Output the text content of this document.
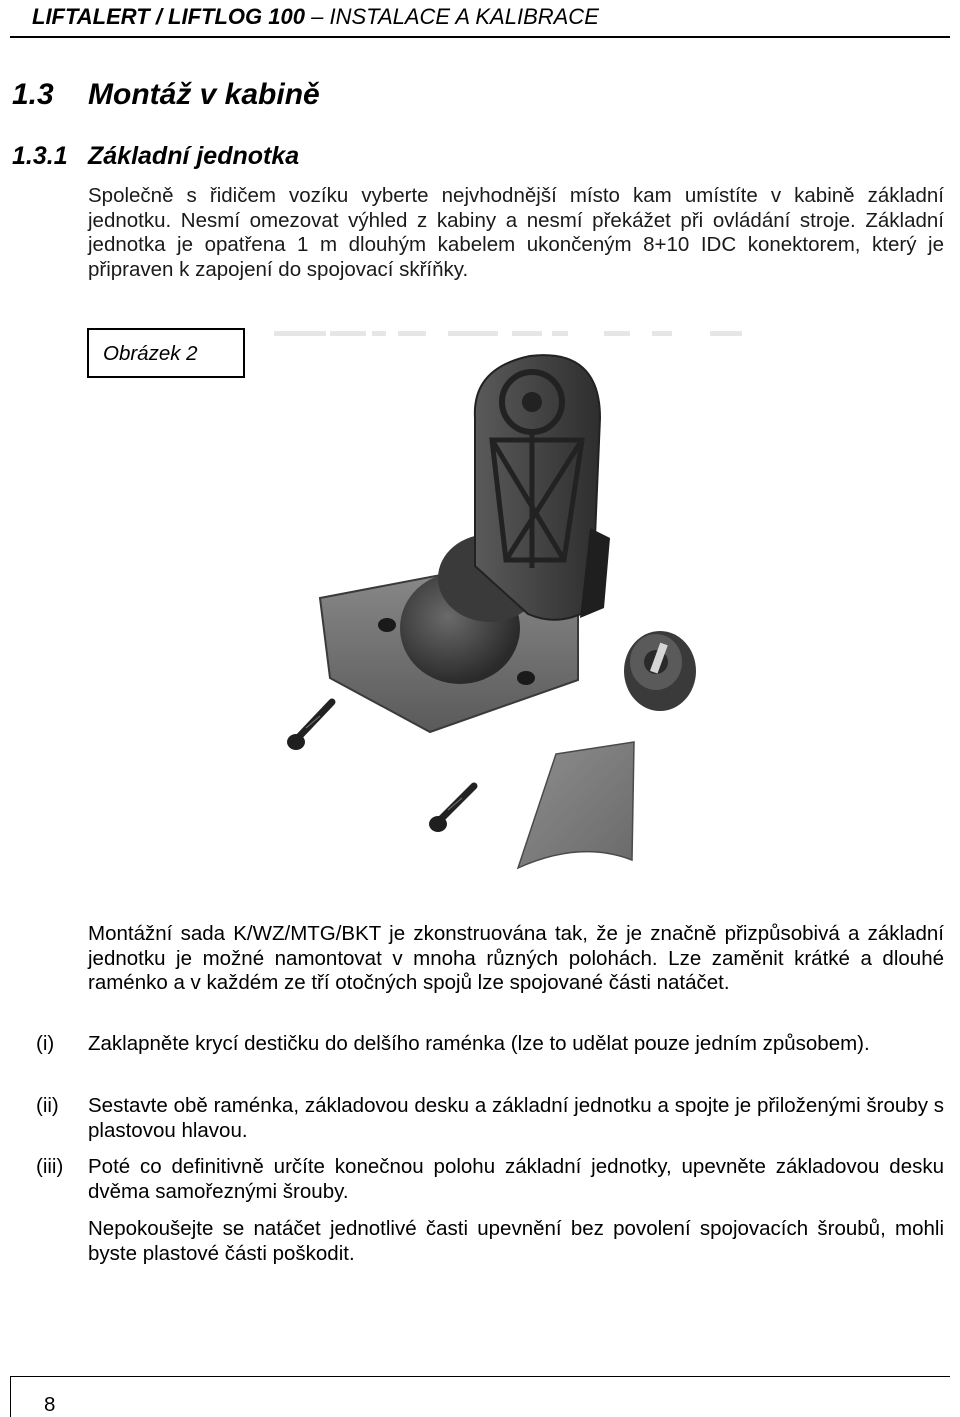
LIFTALERT / LIFTLOG 100 – INSTALACE A KALIBRACE
1.3 Montáž v kabině
1.3.1 Základní jednotka

Společně s řidičem vozíku vyberte nejvhodnější místo kam umístíte v kabině základní jednotku. Nesmí omezovat výhled z kabiny a nesmí překážet při ovládání stroje. Základní jednotka je opatřena 1 m dlouhým kabelem ukončeným 8+10 IDC konektorem, který je připraven k zapojení do spojovací skříňky.

Obrázek 2

Montážní sada K/WZ/MTG/BKT je zkonstruována tak, že je značně přizpůsobivá a základní jednotku je možné namontovat v mnoha různých polohách. Lze zaměnit krátké a dlouhé raménko a v každém ze tří otočných spojů lze spojované části natáčet.

(i) Zaklapněte krycí destičku do delšího raménka (lze to udělat pouze jedním způsobem).
(ii) Sestavte obě raménka, základovou desku a základní jednotku a spojte je přiloženými šrouby s plastovou hlavou.
(iii) Poté co definitivně určíte konečnou polohu základní jednotky, upevněte základovou desku dvěma samořeznými šrouby.

Nepokoušejte se natáčet jednotlivé časti upevnění bez povolení spojovacích šroubů, mohli byste plastové části poškodit.

8
